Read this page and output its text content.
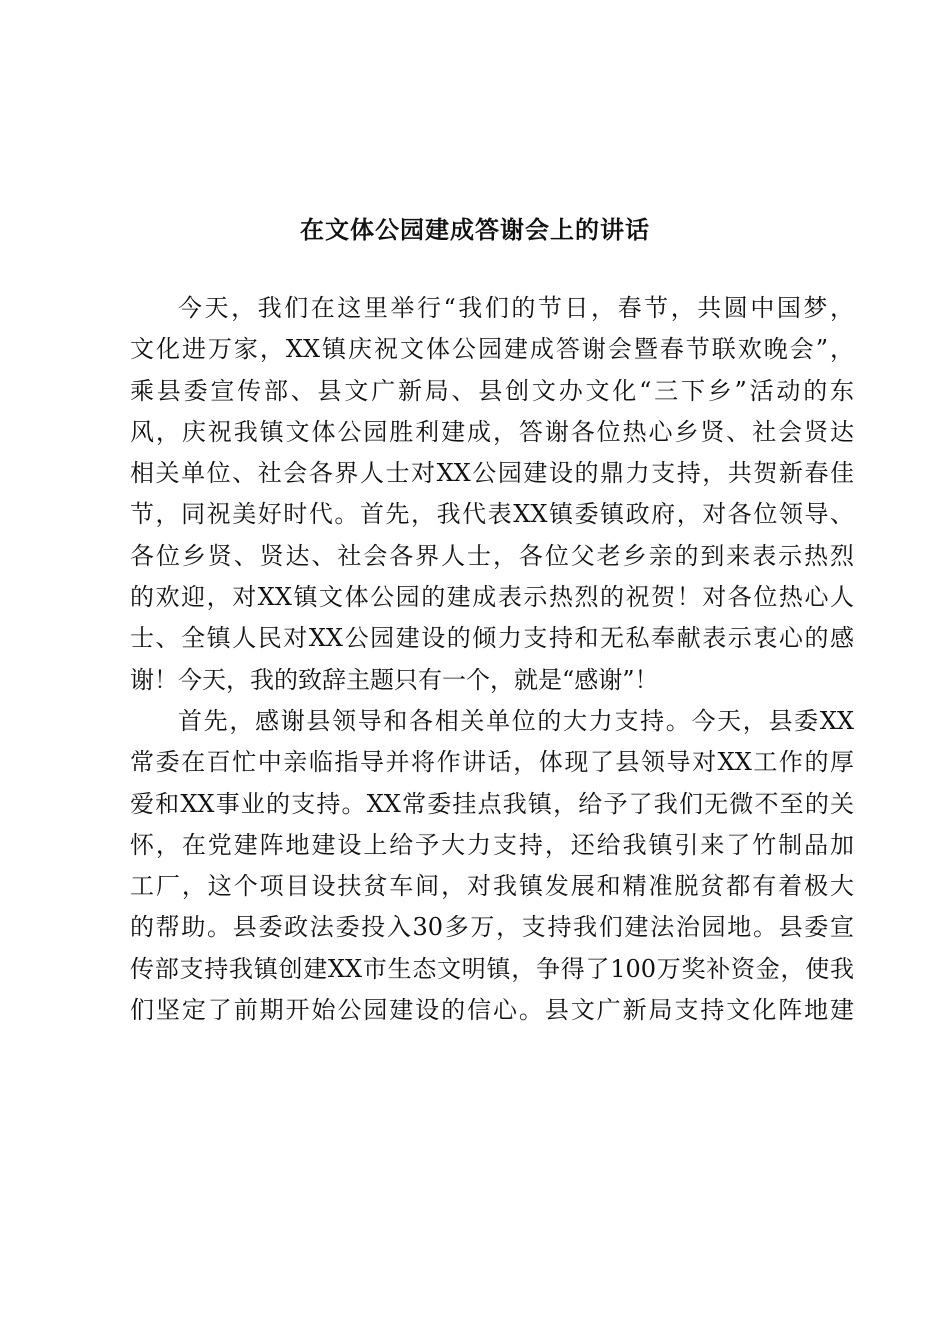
在文体公园建成答谢会上的讲话
今天，我们在这里举行“我们的节日，春节，共圆中国梦，
文化进万家，XX镇庆祝文体公园建成答谢会暨春节联欢晚会”，
乘县委宣传部、县文广新局、县创文办文化“三下乡”活动的东
风，庆祝我镇文体公园胜利建成，答谢各位热心乡贤、社会贤达
相关单位、社会各界人士对XX公园建设的鼎力支持，共贺新春佳
节，同祝美好时代。首先，我代表XX镇委镇政府，对各位领导、
各位乡贤、贤达、社会各界人士，各位父老乡亲的到来表示热烈
的欢迎，对XX镇文体公园的建成表示热烈的祝贺！对各位热心人
士、全镇人民对XX公园建设的倾力支持和无私奉献表示衷心的感
谢！今天，我的致辞主题只有一个，就是“感谢”！
首先，感谢县领导和各相关单位的大力支持。今天，县委XX
常委在百忙中亲临指导并将作讲话，体现了县领导对XX工作的厚
爱和XX事业的支持。XX常委挂点我镇，给予了我们无微不至的关
怀，在党建阵地建设上给予大力支持，还给我镇引来了竹制品加
工厂，这个项目设扶贫车间，对我镇发展和精准脱贫都有着极大
的帮助。县委政法委投入30多万，支持我们建法治园地。县委宣
传部支持我镇创建XX市生态文明镇，争得了100万奖补资金，使我
们坚定了前期开始公园建设的信心。县文广新局支持文化阵地建
